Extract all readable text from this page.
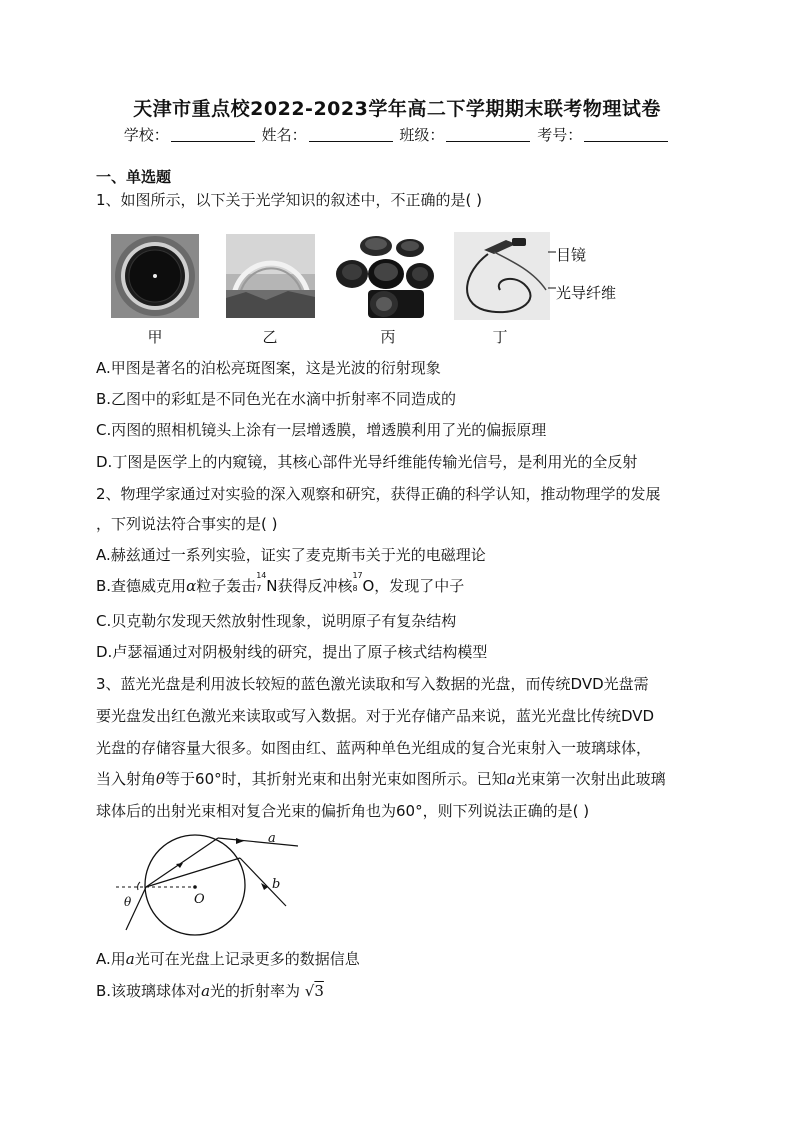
天津市重点校2022-2023学年高二下学期期末联考物理试卷
学校：	姓名：	班级：	考号：
一、单选题
1、如图所示，以下关于光学知识的叙述中，不正确的是( )
甲	乙	丙
目镜
光导纤维
丁
A.甲图是著名的泊松亮斑图案，这是光波的衍射现象
B.乙图中的彩虹是不同色光在水滴中折射率不同造成的
C.丙图的照相机镜头上涂有一层增透膜，增透膜利用了光的偏振原理
D.丁图是医学上的内窥镜，其核心部件光导纤维能传输光信号，是利用光的全反射
2、物理学家通过对实验的深入观察和研究，获得正确的科学认知，推动物理学的发展
，下列说法符合事实的是( )
A.赫兹通过一系列实验，证实了麦克斯韦关于光的电磁理论
B.查德威克用α粒子轰击
14
7 N获得反冲核
17
8 O，发现了中子
C.贝克勒尔发现天然放射性现象，说明原子有复杂结构
D.卢瑟福通过对阴极射线的研究，提出了原子核式结构模型
3、蓝光光盘是利用波长较短的蓝色激光读取和写入数据的光盘，而传统DVD光盘需
要光盘发出红色激光来读取或写入数据。对于光存储产品来说，蓝光光盘比传统DVD
光盘的存储容量大很多。如图由红、蓝两种单色光组成的复合光束射入一玻璃球体，
当入射角θ等于60°时，其折射光束和出射光束如图所示。已知a光束第一次射出此玻璃
球体后的出射光束相对复合光束的偏折角也为60°，则下列说法正确的是( )
a
b
O
θ
A.用a光可在光盘上记录更多的数据信息
B.该玻璃球体对a光的折射率为 √3
